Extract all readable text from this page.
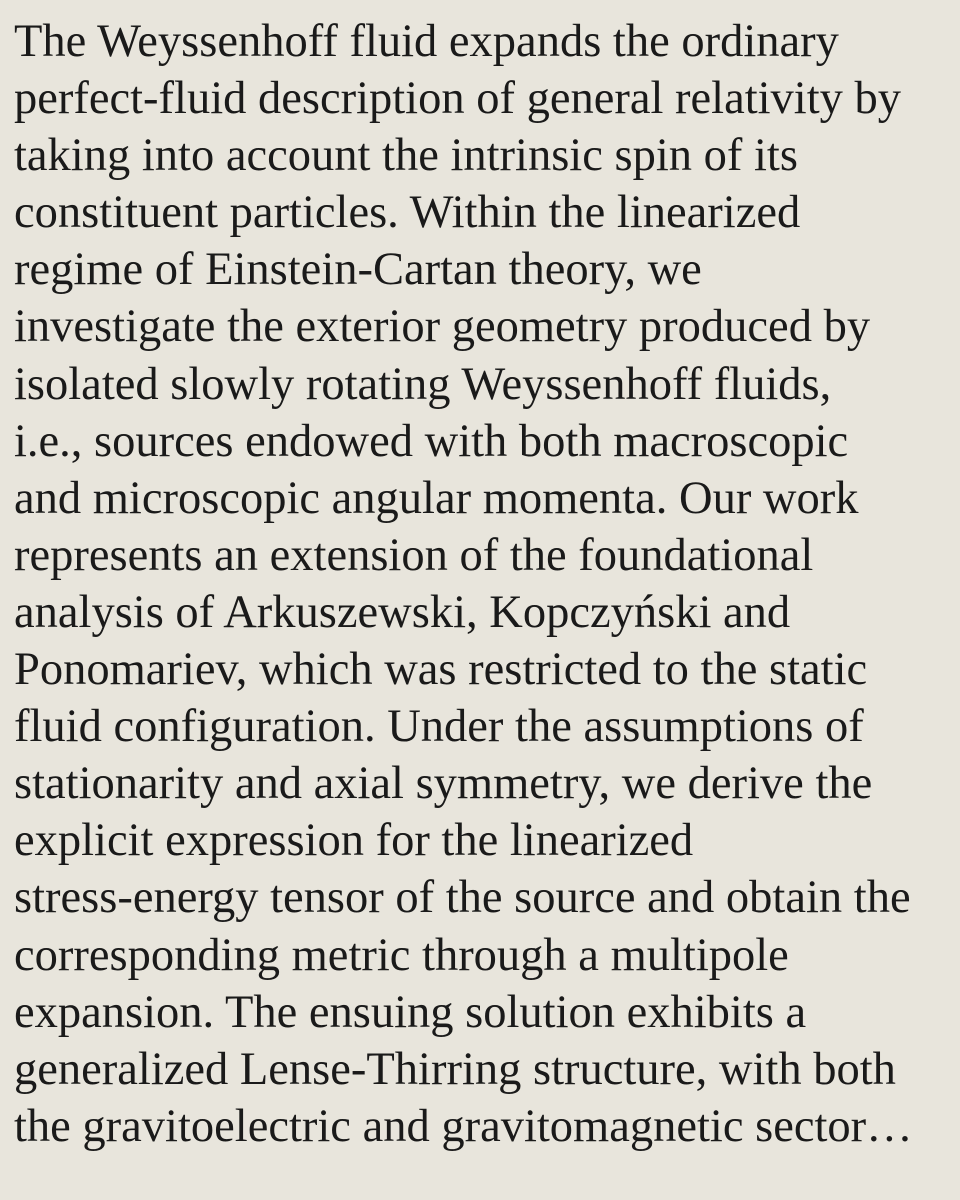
The Weyssenhoff fluid expands the ordinary
perfect-fluid description of general relativity by
taking into account the intrinsic spin of its
constituent particles. Within the linearized
regime of Einstein-Cartan theory, we
investigate the exterior geometry produced by
isolated slowly rotating Weyssenhoff fluids,
i.e., sources endowed with both macroscopic
and microscopic angular momenta. Our work
represents an extension of the foundational
analysis of Arkuszewski, Kopczyński and
Ponomariev, which was restricted to the static
fluid configuration. Under the assumptions of
stationarity and axial symmetry, we derive the
explicit expression for the linearized
stress-energy tensor of the source and obtain the
corresponding metric through a multipole
expansion. The ensuing solution exhibits a
generalized Lense-Thirring structure, with both
the gravitoelectric and gravitomagnetic sector…
